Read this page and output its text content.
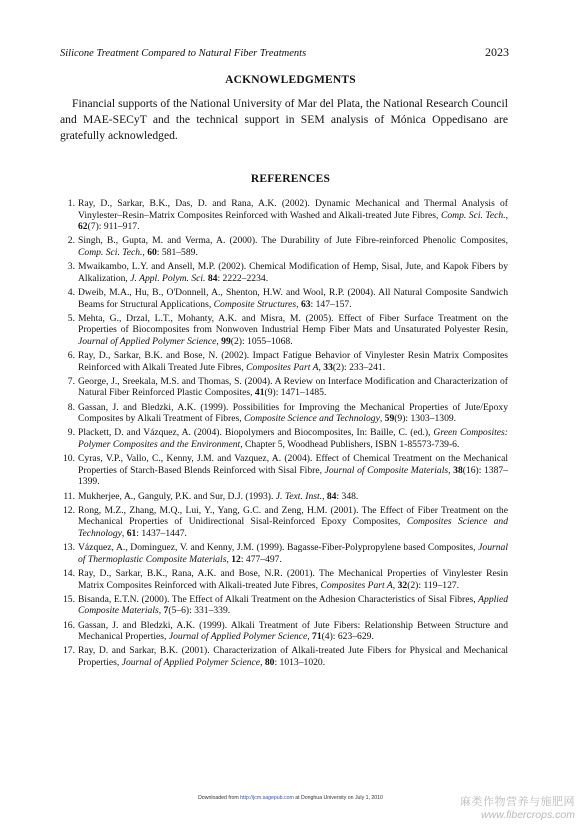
Silicone Treatment Compared to Natural Fiber Treatments	2023
ACKNOWLEDGMENTS

Financial supports of the National University of Mar del Plata, the National Research Council and MAE-SECyT and the technical support in SEM analysis of Mónica Oppedisano are gratefully acknowledged.

REFERENCES
1. Ray, D., Sarkar, B.K., Das, D. and Rana, A.K. (2002). Dynamic Mechanical and Thermal Analysis of Vinylester–Resin–Matrix Composites Reinforced with Washed and Alkali-treated Jute Fibres, Comp. Sci. Tech., 62(7): 911–917.
2. Singh, B., Gupta, M. and Verma, A. (2000). The Durability of Jute Fibre-reinforced Phenolic Composites, Comp. Sci. Tech., 60: 581–589.
3. Mwaikambo, L.Y. and Ansell, M.P. (2002). Chemical Modification of Hemp, Sisal, Jute, and Kapok Fibers by Alkalization, J. Appl. Polym. Sci. 84: 2222–2234.
4. Dweib, M.A., Hu, B., O'Donnell, A., Shenton, H.W. and Wool, R.P. (2004). All Natural Composite Sandwich Beams for Structural Applications, Composite Structures, 63: 147–157.
5. Mehta, G., Drzal, L.T., Mohanty, A.K. and Misra, M. (2005). Effect of Fiber Surface Treatment on the Properties of Biocomposites from Nonwoven Industrial Hemp Fiber Mats and Unsaturated Polyester Resin, Journal of Applied Polymer Science, 99(2): 1055–1068.
6. Ray, D., Sarkar, B.K. and Bose, N. (2002). Impact Fatigue Behavior of Vinylester Resin Matrix Composites Reinforced with Alkali Treated Jute Fibres, Composites Part A, 33(2): 233–241.
7. George, J., Sreekala, M.S. and Thomas, S. (2004). A Review on Interface Modification and Characterization of Natural Fiber Reinforced Plastic Composites, 41(9): 1471–1485.
8. Gassan, J. and Bledzki, A.K. (1999). Possibilities for Improving the Mechanical Properties of Jute/Epoxy Composites by Alkali Treatment of Fibres, Composite Science and Technology, 59(9): 1303–1309.
9. Plackett, D. and Vázquez, A. (2004). Biopolymers and Biocomposites, In: Baille, C. (ed.), Green Composites: Polymer Composites and the Environment, Chapter 5, Woodhead Publishers, ISBN 1-85573-739-6.
10. Cyras, V.P., Vallo, C., Kenny, J.M. and Vazquez, A. (2004). Effect of Chemical Treatment on the Mechanical Properties of Starch-Based Blends Reinforced with Sisal Fibre, Journal of Composite Materials, 38(16): 1387–1399.
11. Mukherjee, A., Ganguly, P.K. and Sur, D.J. (1993). J. Text. Inst., 84: 348.
12. Rong, M.Z., Zhang, M.Q., Lui, Y., Yang, G.C. and Zeng, H.M. (2001). The Effect of Fiber Treatment on the Mechanical Properties of Unidirectional Sisal-Reinforced Epoxy Composites, Composites Science and Technology, 61: 1437–1447.
13. Vázquez, A., Dominguez, V. and Kenny, J.M. (1999). Bagasse-Fiber-Polypropylene based Composites, Journal of Thermoplastic Composite Materials, 12: 477–497.
14. Ray, D., Sarkar, B.K., Rana, A.K. and Bose, N.R. (2001). The Mechanical Properties of Vinylester Resin Matrix Composites Reinforced with Alkali-treated Jute Fibres, Composites Part A, 32(2): 119–127.
15. Bisanda, E.T.N. (2000). The Effect of Alkali Treatment on the Adhesion Characteristics of Sisal Fibres, Applied Composite Materials, 7(5–6): 331–339.
16. Gassan, J. and Bledzki, A.K. (1999). Alkali Treatment of Jute Fibers: Relationship Between Structure and Mechanical Properties, Journal of Applied Polymer Science, 71(4): 623–629.
17. Ray, D. and Sarkar, B.K. (2001). Characterization of Alkali-treated Jute Fibers for Physical and Mechanical Properties, Journal of Applied Polymer Science, 80: 1013–1020.
Downloaded from http://jcm.sagepub.com at Donghua University on July 1, 2010	麻类作物营养与施肥网
www.fibercrops.com
